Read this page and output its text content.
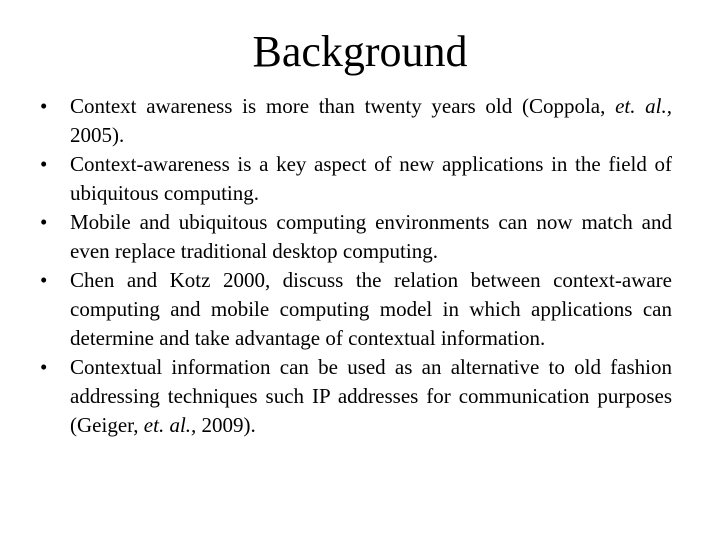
Background
•	Context awareness is more than twenty years old (Coppola, et. al., 2005).
•	Context-awareness is a key aspect of new applications in the field of ubiquitous computing.
•	Mobile and ubiquitous computing environments can now match and even replace traditional desktop computing.
•	Chen and Kotz 2000, discuss the relation between context-aware computing and mobile computing model in which applications can determine and take advantage of contextual information.
•	Contextual information can be used as an alternative to old fashion addressing techniques such IP addresses for communication purposes (Geiger, et. al., 2009).
